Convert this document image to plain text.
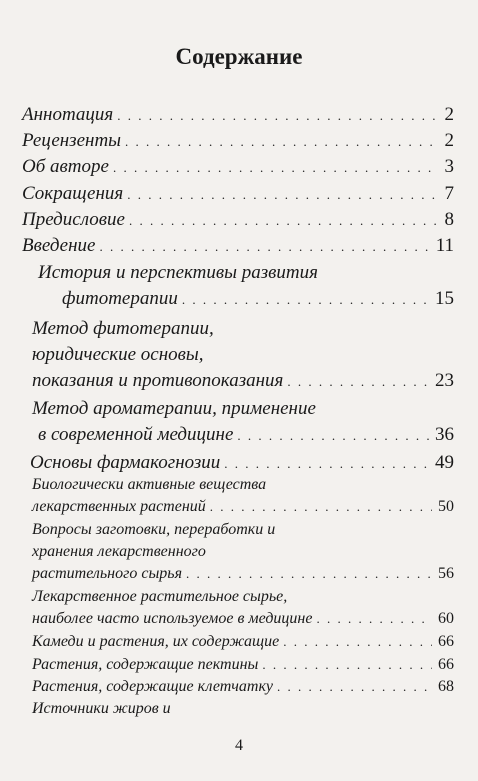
Содержание
Аннотация . . .	2
Рецензенты . . .	2
Об авторе . . .	3
Сокращения . . .	7
Предисловие . . .	8
Введение . . .	11
История и перспективы развития
фитотерапии . . .	15
Метод фитотерапии,
юридические основы,
показания и противопоказания . . .	23
Метод ароматерапии, применение
в современной медицине . . .	36
Основы фармакогнозии . . .	49
Биологически активные вещества
лекарственных растений . . .	50
Вопросы заготовки, переработки и
хранения лекарственного
растительного сырья . . .	56
Лекарственное растительное сырье,
наиболее часто используемое в медицине . . .	60
Камеди и растения, их содержащие . . .	66
Растения, содержащие пектины . . .	66
Растения, содержащие клетчатку . . .	68
Источники жиров и
4
